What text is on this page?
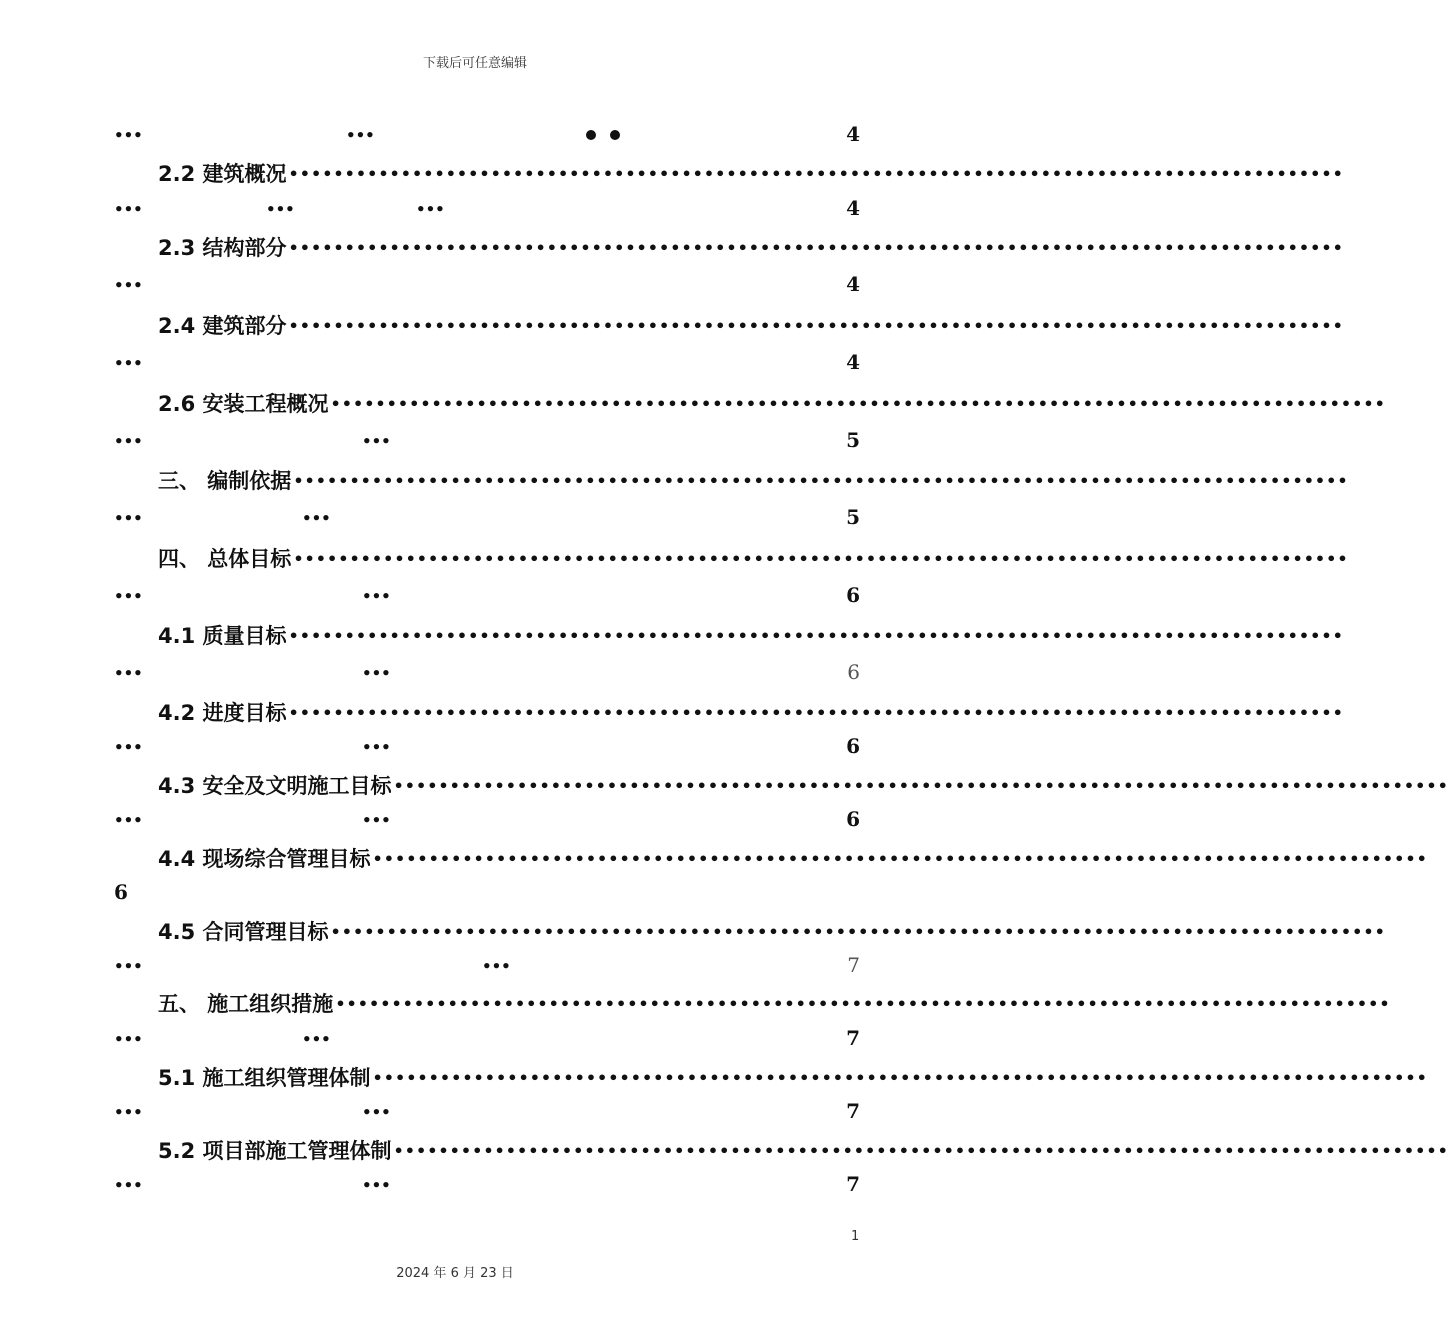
下载后可任意编辑
•••	•••	4
2.2 建筑概况 ••••••••••••••••••••••••••••••••••••••••••••••••••••••••••••••••••••••••••••••••••••••••••••••
•••	•••	•••	4
2.3 结构部分 ••••••••••••••••••••••••••••••••••••••••••••••••••••••••••••••••••••••••••••••••••••••••••••••
•••	4
2.4 建筑部分 ••••••••••••••••••••••••••••••••••••••••••••••••••••••••••••••••••••••••••••••••••••••••••••••
•••	4
2.6 安装工程概况 ••••••••••••••••••••••••••••••••••••••••••••••••••••••••••••••••••••••••••••••••••••••••••••••
•••	•••	5
三、 编制依据 ••••••••••••••••••••••••••••••••••••••••••••••••••••••••••••••••••••••••••••••••••••••••••••••
•••	•••	5
四、 总体目标 ••••••••••••••••••••••••••••••••••••••••••••••••••••••••••••••••••••••••••••••••••••••••••••••
•••	•••	6
4.1 质量目标 ••••••••••••••••••••••••••••••••••••••••••••••••••••••••••••••••••••••••••••••••••••••••••••••
•••	•••	6
4.2 进度目标 ••••••••••••••••••••••••••••••••••••••••••••••••••••••••••••••••••••••••••••••••••••••••••••••
•••	•••	6
4.3 安全及文明施工目标 ••••••••••••••••••••••••••••••••••••••••••••••••••••••••••••••••••••••••••••••••••••••••••••••
•••	•••	6
4.4 现场综合管理目标 ••••••••••••••••••••••••••••••••••••••••••••••••••••••••••••••••••••••••••••••••••••••••••••••
6
4.5 合同管理目标 ••••••••••••••••••••••••••••••••••••••••••••••••••••••••••••••••••••••••••••••••••••••••••••••
•••	•••	7
五、 施工组织措施 ••••••••••••••••••••••••••••••••••••••••••••••••••••••••••••••••••••••••••••••••••••••••••••••
•••	•••	7
5.1 施工组织管理体制 ••••••••••••••••••••••••••••••••••••••••••••••••••••••••••••••••••••••••••••••••••••••••••••••
•••	•••	7
5.2 项目部施工管理体制 ••••••••••••••••••••••••••••••••••••••••••••••••••••••••••••••••••••••••••••••••••••••••••••••
•••	•••	7
1
2024 年 6 月 23 日
